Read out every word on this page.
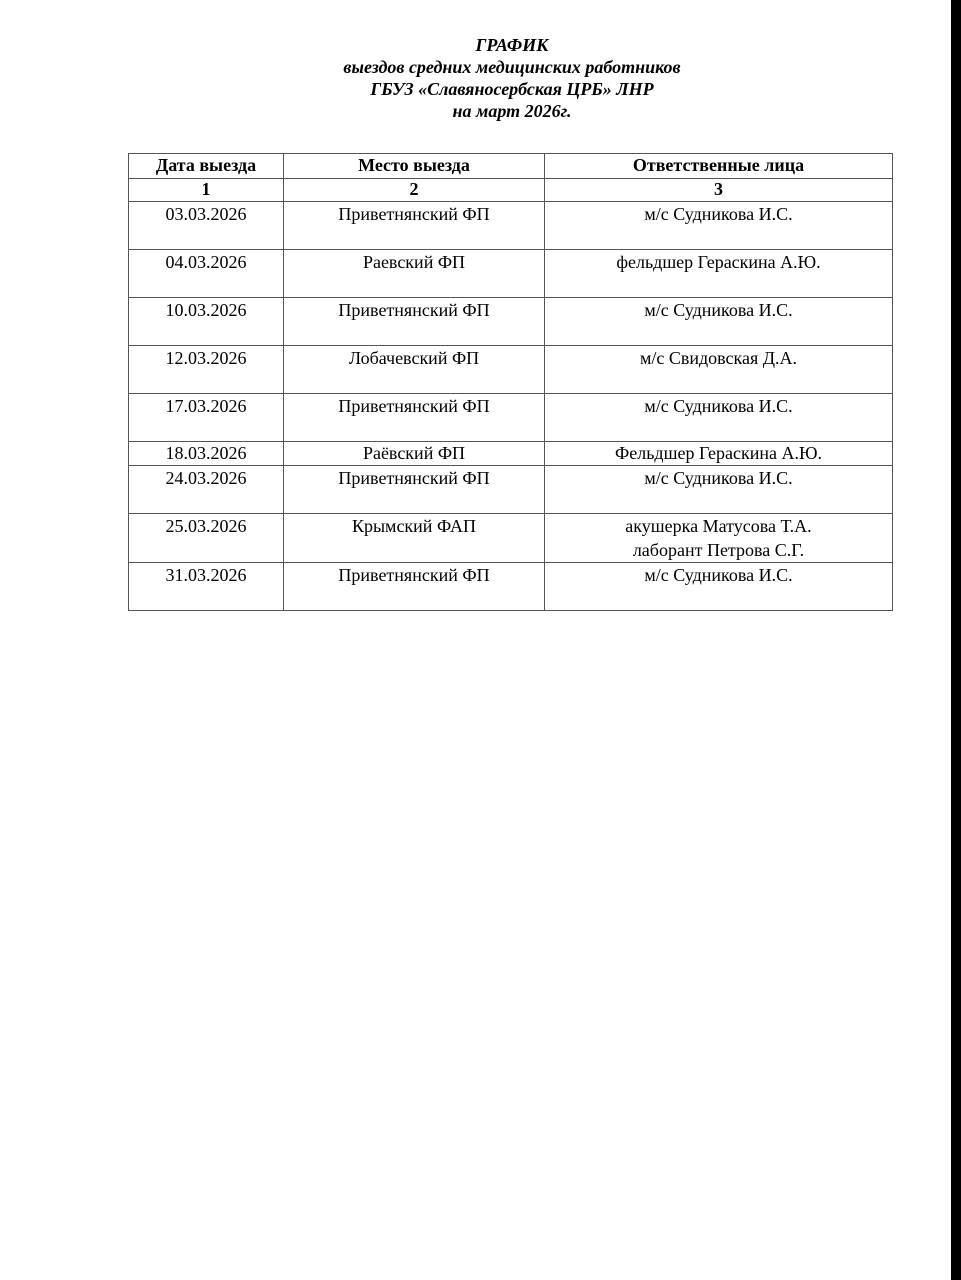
ГРАФИК
выездов средних медицинских работников
ГБУЗ «Славяносербская ЦРБ» ЛНР
на март 2026г.
Дата выезда	Место выезда	Ответственные лица
1	2	3
03.03.2026	Приветнянский ФП	м/с Судникова И.С.

04.03.2026	Раевский ФП	фельдшер Гераскина А.Ю.

10.03.2026	Приветнянский ФП	м/с Судникова И.С.

12.03.2026	Лобачевский ФП	м/с Свидовская Д.А.

17.03.2026	Приветнянский ФП	м/с Судникова И.С.

18.03.2026	Раёвский ФП	Фельдшер Гераскина А.Ю.

24.03.2026	Приветнянский ФП	м/с Судникова И.С.

25.03.2026	Крымский ФАП	акушерка Матусова Т.А.
лаборант Петрова С.Г.

31.03.2026	Приветнянский ФП	м/с Судникова И.С.
